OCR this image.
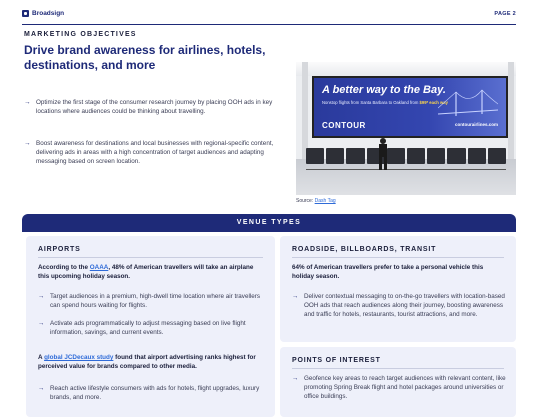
Broadsign	PAGE 2
MARKETING OBJECTIVES
Drive brand awareness for airlines, hotels, destinations, and more
→ Optimize the first stage of the consumer research journey by placing OOH ads in key locations where audiences could be thinking about travelling.
→ Boost awareness for destinations and local businesses with regional-specific content, delivering ads in areas with a high concentration of target audiences and adapting messaging based on screen location.
A better way to the Bay.
Nonstop flights from Santa Barbara to Oakland from $99* each way
CONTOUR	contourairlines.com
Source: Dash Tag
VENUE TYPES
AIRPORTS
According to the OAAA, 48% of American travellers will take an airplane this upcoming holiday season.
→ Target audiences in a premium, high-dwell time location where air travellers can spend hours waiting for flights.
→ Activate ads programmatically to adjust messaging based on live flight information, savings, and current events.
A global JCDecaux study found that airport advertising ranks highest for perceived value for brands compared to other media.
→ Reach active lifestyle consumers with ads for hotels, flight upgrades, luxury brands, and more.
ROADSIDE, BILLBOARDS, TRANSIT
64% of American travellers prefer to take a personal vehicle this holiday season.
→ Deliver contextual messaging to on-the-go travellers with location-based OOH ads that reach audiences along their journey, boosting awareness and traffic for hotels, restaurants, tourist attractions, and more.
POINTS OF INTEREST
→ Geofence key areas to reach target audiences with relevant content, like promoting Spring Break flight and hotel packages around universities or office buildings.
